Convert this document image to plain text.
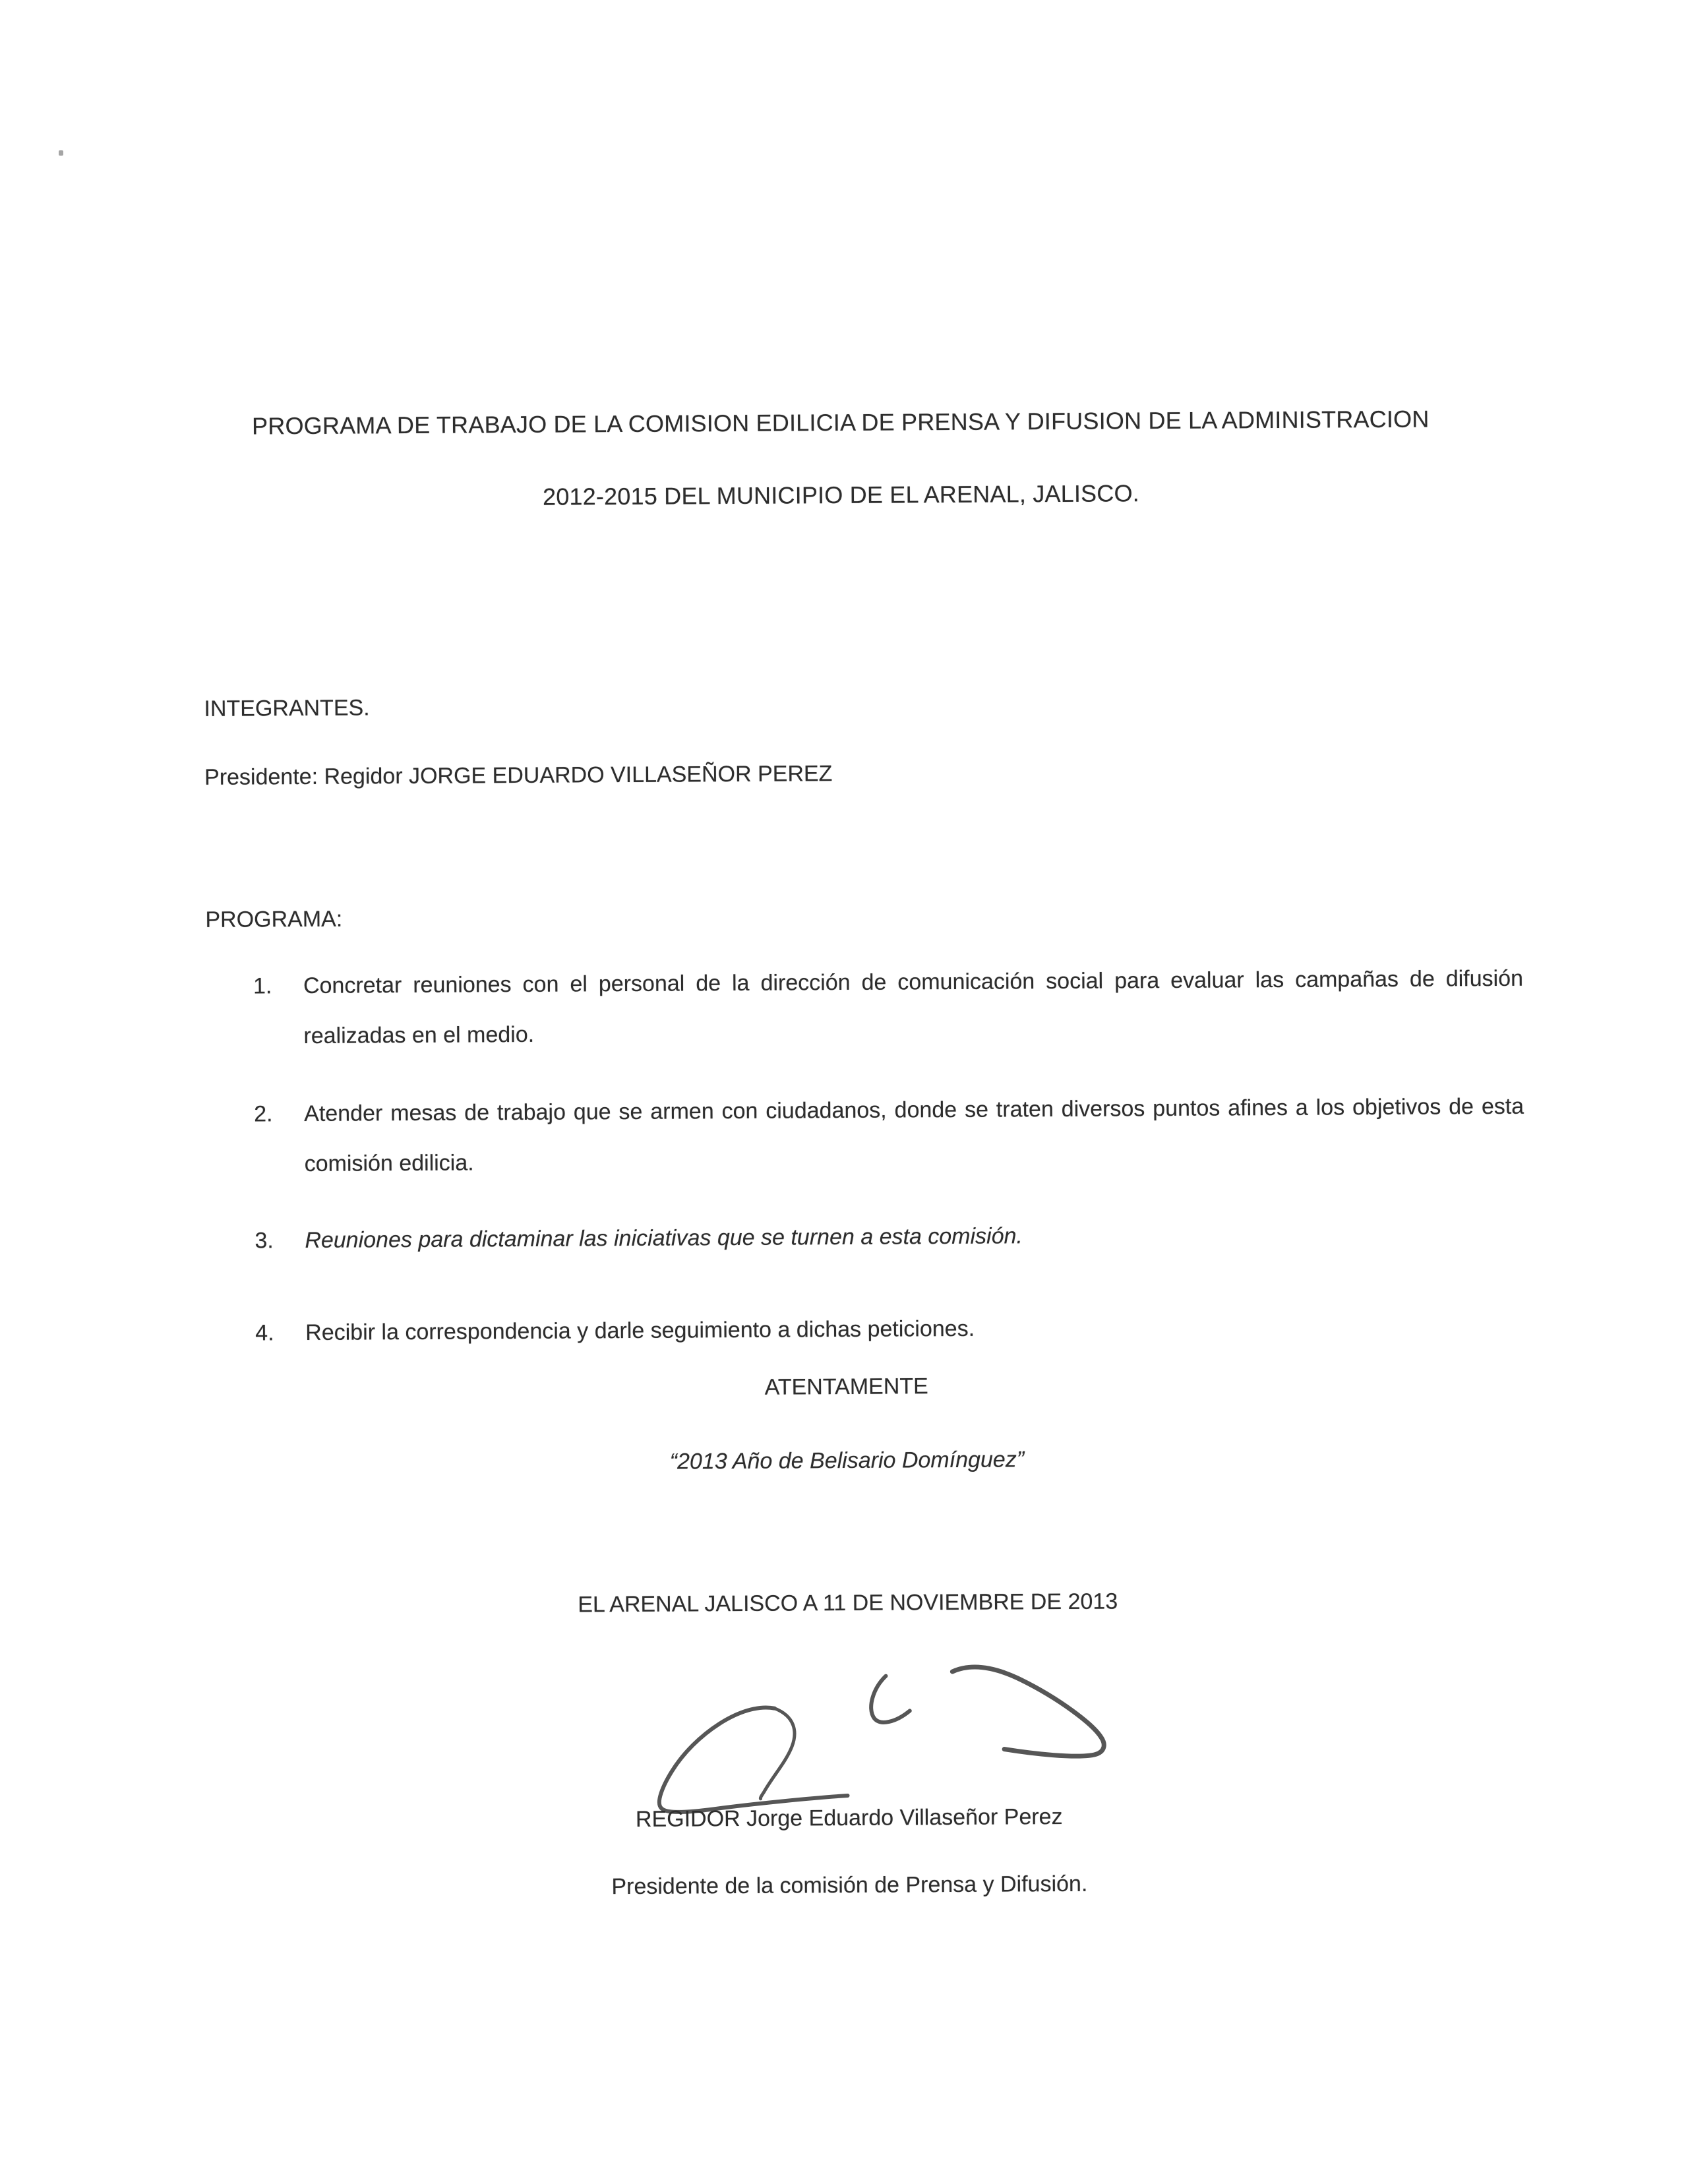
PROGRAMA DE TRABAJO DE LA COMISION EDILICIA DE PRENSA Y DIFUSION DE LA ADMINISTRACION
2012-2015 DEL MUNICIPIO DE EL ARENAL, JALISCO.
INTEGRANTES.
Presidente: Regidor JORGE EDUARDO VILLASEÑOR PEREZ
PROGRAMA:
1. Concretar reuniones con el personal de la dirección de comunicación social para evaluar las campañas de difusión realizadas en el medio.
2. Atender mesas de trabajo que se armen con ciudadanos, donde se traten diversos puntos afines a los objetivos de esta comisión edilicia.
3. Reuniones para dictaminar las iniciativas que se turnen a esta comisión.
4. Recibir la correspondencia y darle seguimiento a dichas peticiones.
ATENTAMENTE
“2013 Año de Belisario Domínguez”
EL ARENAL JALISCO A 11 DE NOVIEMBRE DE 2013
REGIDOR Jorge Eduardo Villaseñor Perez
Presidente de la comisión de Prensa y Difusión.
